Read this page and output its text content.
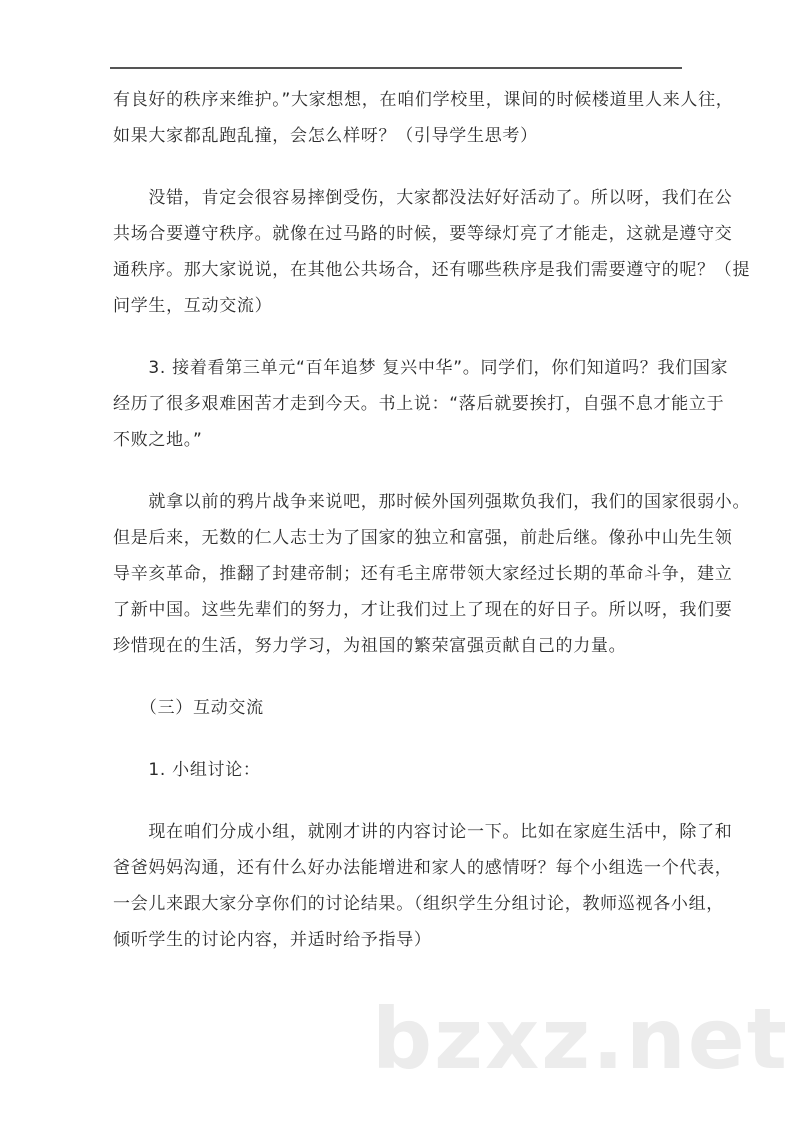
有良好的秩序来维护。”大家想想，在咱们学校里，课间的时候楼道里人来人往，
如果大家都乱跑乱撞，会怎么样呀？（引导学生思考）
　　没错，肯定会很容易摔倒受伤，大家都没法好好活动了。所以呀，我们在公
共场合要遵守秩序。就像在过马路的时候，要等绿灯亮了才能走，这就是遵守交
通秩序。那大家说说，在其他公共场合，还有哪些秩序是我们需要遵守的呢？（提
问学生，互动交流）
　　3. 接着看第三单元“百年追梦 复兴中华”。同学们，你们知道吗？我们国家
经历了很多艰难困苦才走到今天。书上说：“落后就要挨打，自强不息才能立于
不败之地。”
　　就拿以前的鸦片战争来说吧，那时候外国列强欺负我们，我们的国家很弱小。
但是后来，无数的仁人志士为了国家的独立和富强，前赴后继。像孙中山先生领
导辛亥革命，推翻了封建帝制；还有毛主席带领大家经过长期的革命斗争，建立
了新中国。这些先辈们的努力，才让我们过上了现在的好日子。所以呀，我们要
珍惜现在的生活，努力学习，为祖国的繁荣富强贡献自己的力量。
　　（三）互动交流
　　1. 小组讨论：
　　现在咱们分成小组，就刚才讲的内容讨论一下。比如在家庭生活中，除了和
爸爸妈妈沟通，还有什么好办法能增进和家人的感情呀？每个小组选一个代表，
一会儿来跟大家分享你们的讨论结果。（组织学生分组讨论，教师巡视各小组，
倾听学生的讨论内容，并适时给予指导）
bzxz.net
